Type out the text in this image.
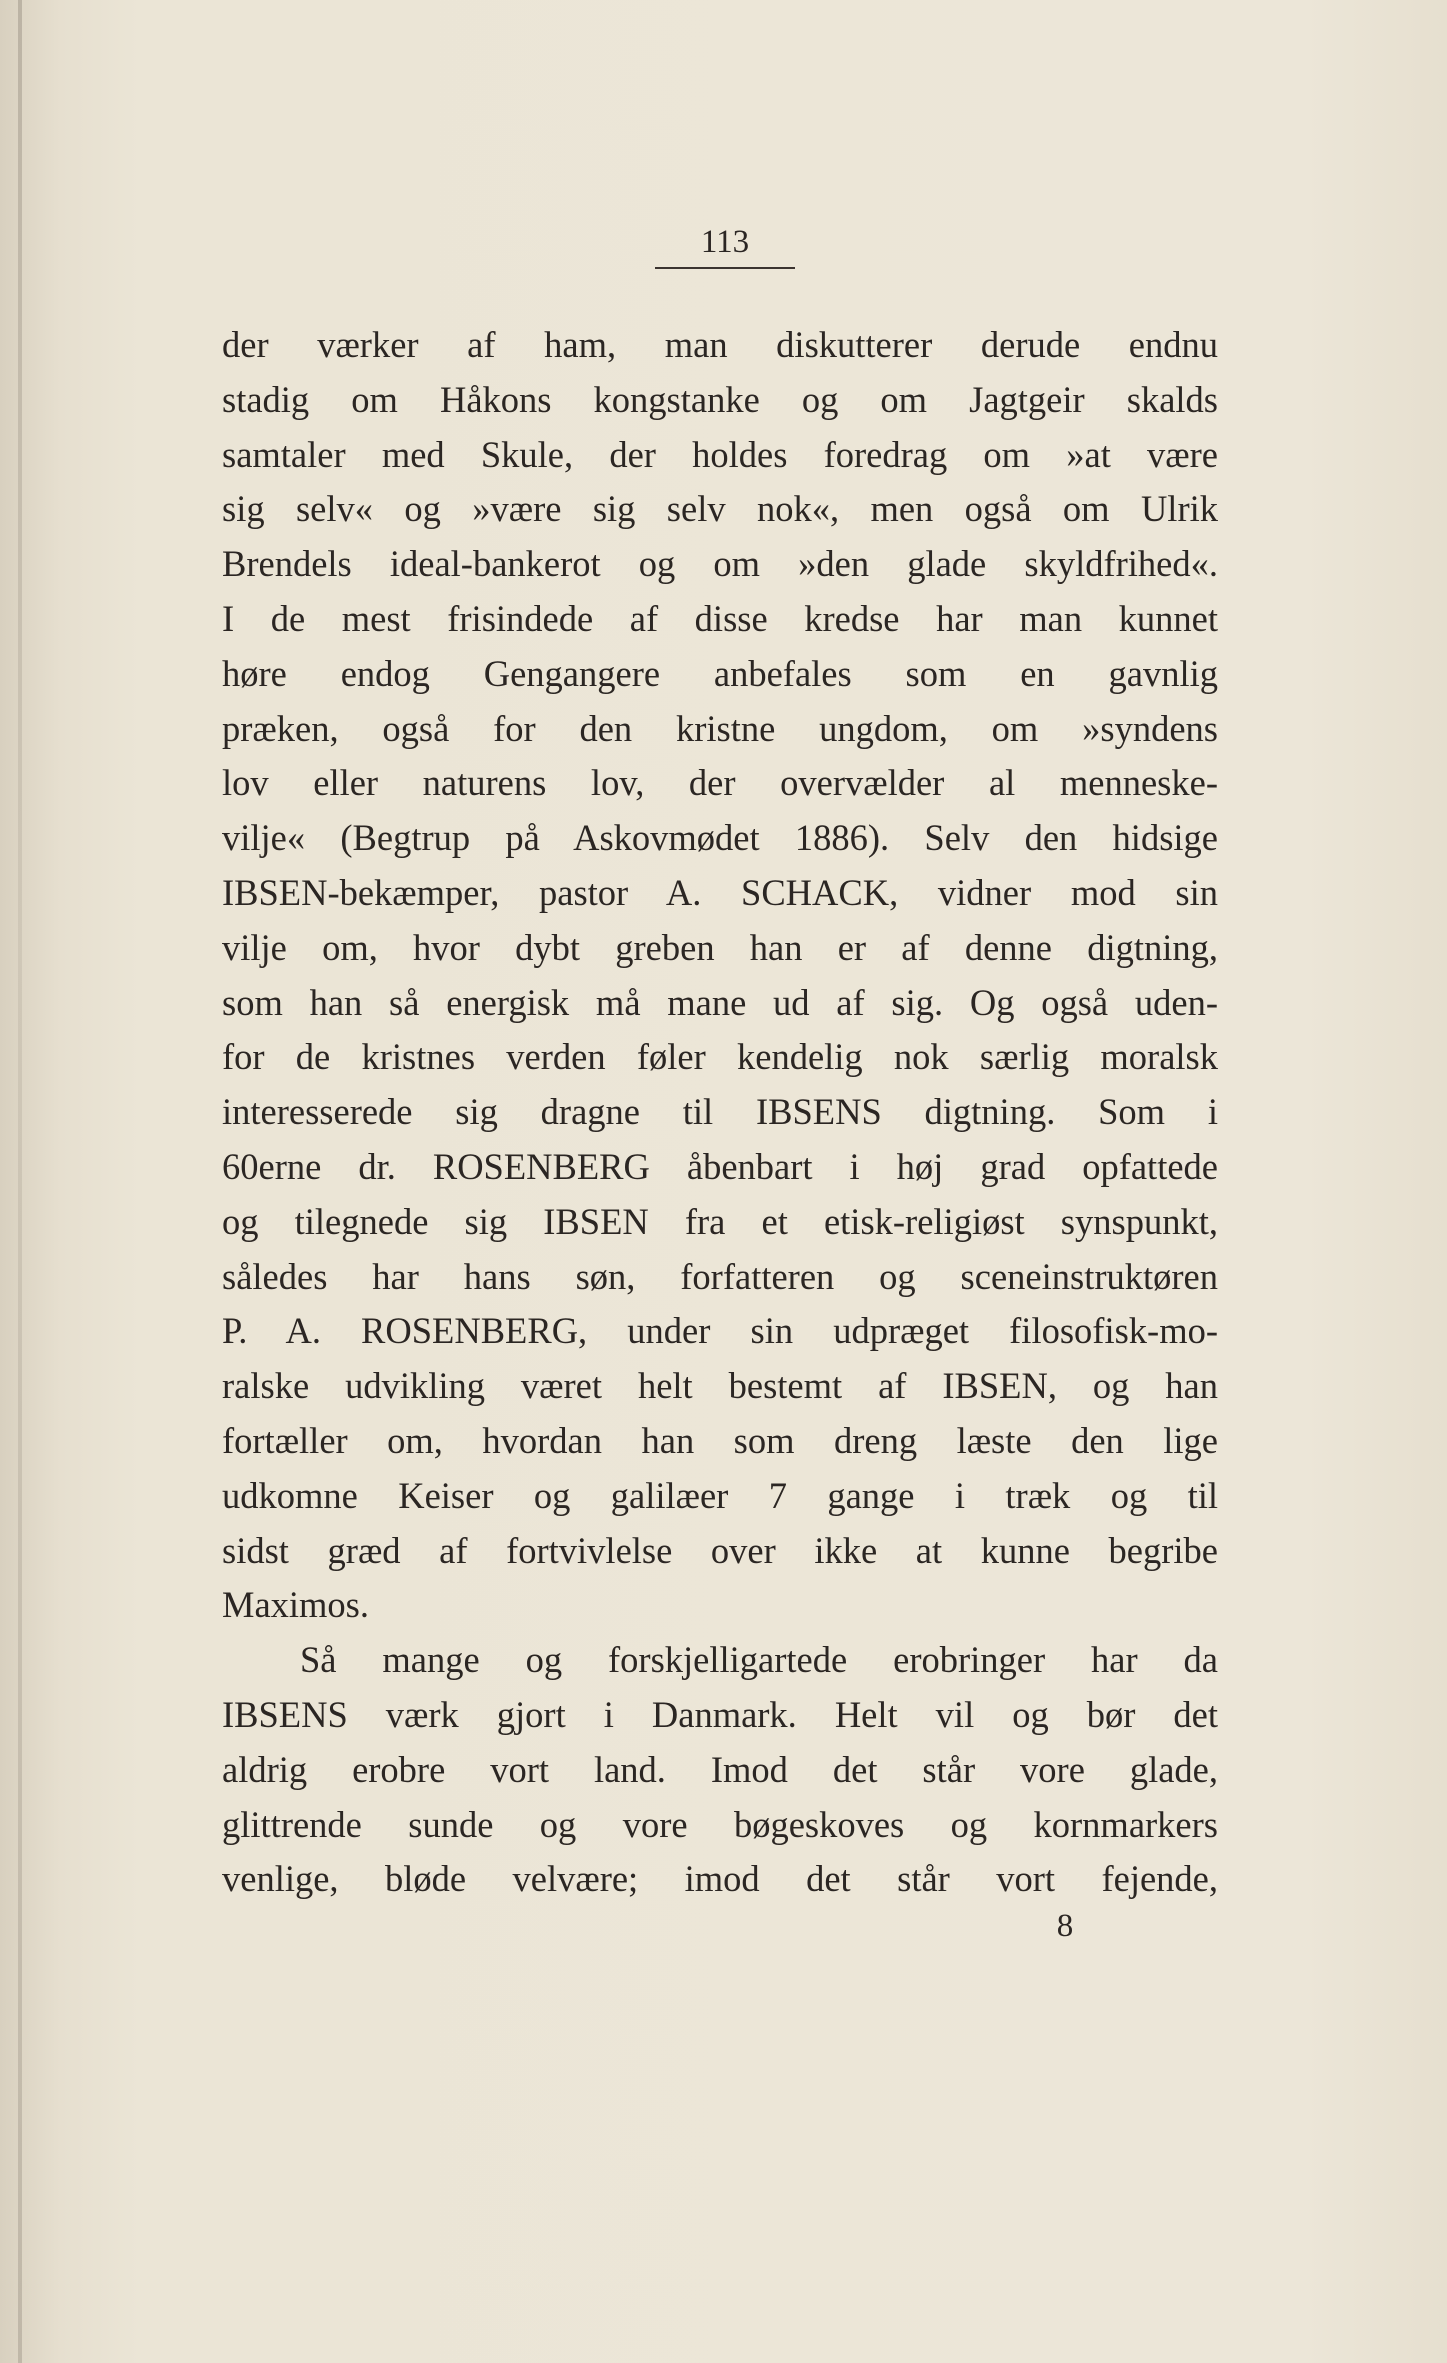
113
der værker af ham, man diskutterer derude endnu
stadig om Håkons kongstanke og om Jagtgeir skalds
samtaler med Skule, der holdes foredrag om »at være
sig selv« og »være sig selv nok«, men også om Ulrik
Brendels ideal-bankerot og om »den glade skyldfrihed«.
I de mest frisindede af disse kredse har man kunnet
høre endog Gengangere anbefales som en gavnlig
præken, også for den kristne ungdom, om »syndens
lov eller naturens lov, der overvælder al menneske-
vilje« (Begtrup på Askovmødet 1886). Selv den hidsige
IBSEN-bekæmper, pastor A. SCHACK, vidner mod sin
vilje om, hvor dybt greben han er af denne digtning,
som han så energisk må mane ud af sig. Og også uden-
for de kristnes verden føler kendelig nok særlig moralsk
interesserede sig dragne til IBSENS digtning. Som i
60erne dr. ROSENBERG åbenbart i høj grad opfattede
og tilegnede sig IBSEN fra et etisk-religiøst synspunkt,
således har hans søn, forfatteren og sceneinstruktøren
P. A. ROSENBERG, under sin udpræget filosofisk-mo-
ralske udvikling været helt bestemt af IBSEN, og han
fortæller om, hvordan han som dreng læste den lige
udkomne Keiser og galilæer 7 gange i træk og til
sidst græd af fortvivlelse over ikke at kunne begribe
Maximos.
Så mange og forskjelligartede erobringer har da
IBSENS værk gjort i Danmark. Helt vil og bør det
aldrig erobre vort land. Imod det står vore glade,
glittrende sunde og vore bøgeskoves og kornmarkers
venlige, bløde velvære; imod det står vort fejende,
8
